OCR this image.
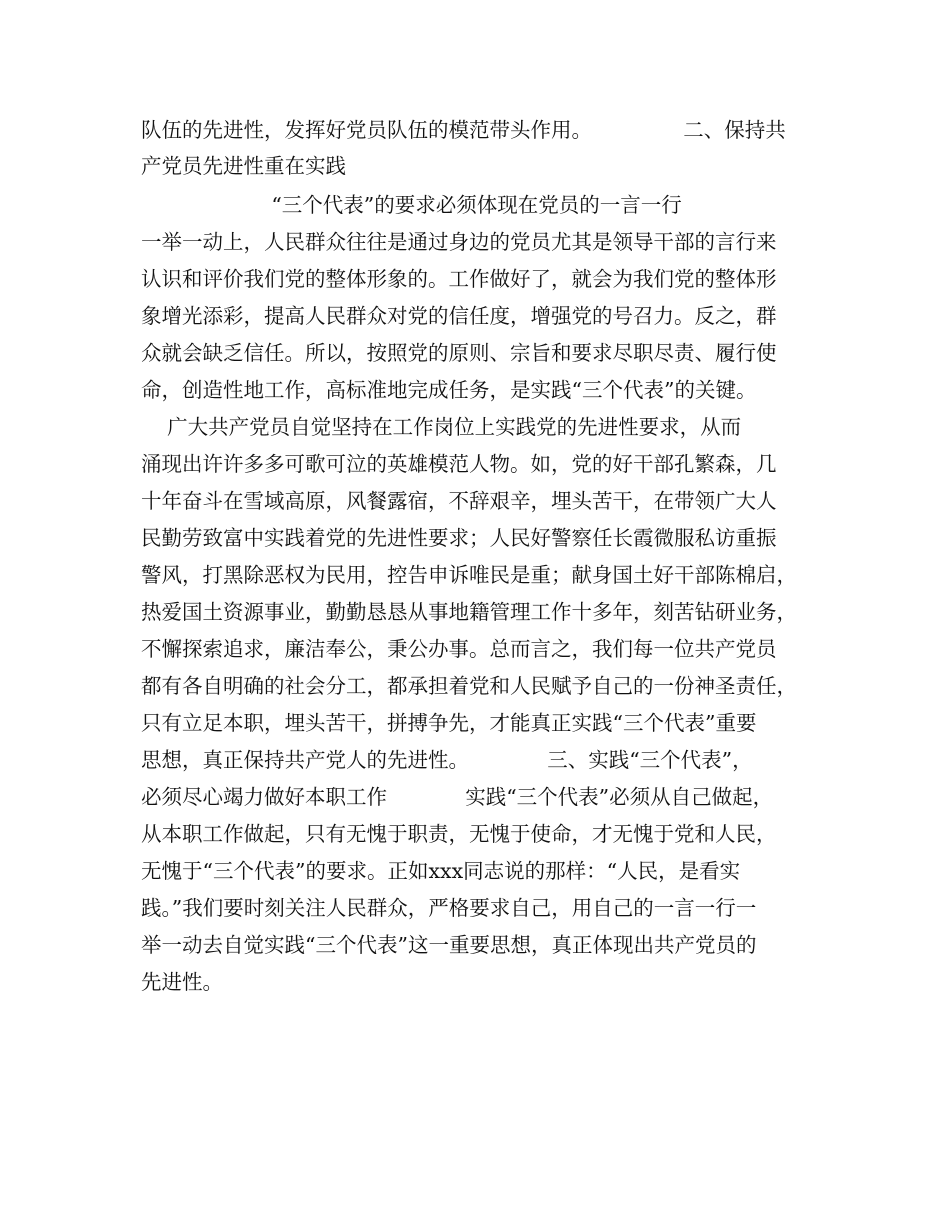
队伍的先进性，发挥好党员队伍的模范带头作用。              二、保持共
产党员先进性重在实践
“三个代表”的要求必须体现在党员的一言一行
一举一动上，人民群众往往是通过身边的党员尤其是领导干部的言行来
认识和评价我们党的整体形象的。工作做好了，就会为我们党的整体形
象增光添彩，提高人民群众对党的信任度，增强党的号召力。反之，群
众就会缺乏信任。所以，按照党的原则、宗旨和要求尽职尽责、履行使
命，创造性地工作，高标准地完成任务，是实践“三个代表”的关键。
广大共产党员自觉坚持在工作岗位上实践党的先进性要求，从而
涌现出许许多多可歌可泣的英雄模范人物。如，党的好干部孔繁森，几
十年奋斗在雪域高原，风餐露宿，不辞艰辛，埋头苦干，在带领广大人
民勤劳致富中实践着党的先进性要求；人民好警察任长霞微服私访重振
警风，打黑除恶权为民用，控告申诉唯民是重；献身国土好干部陈棉启，
热爱国土资源事业，勤勤恳恳从事地籍管理工作十多年，刻苦钻研业务，
不懈探索追求，廉洁奉公，秉公办事。总而言之，我们每一位共产党员
都有各自明确的社会分工，都承担着党和人民赋予自己的一份神圣责任，
只有立足本职，埋头苦干，拼搏争先，才能真正实践“三个代表”重要
思想，真正保持共产党人的先进性。            三、实践“三个代表”，
必须尽心竭力做好本职工作            实践“三个代表”必须从自己做起，
从本职工作做起，只有无愧于职责，无愧于使命，才无愧于党和人民，
无愧于“三个代表”的要求。正如xxx同志说的那样：“人民，是看实
践。”我们要时刻关注人民群众，严格要求自己，用自己的一言一行一
举一动去自觉实践“三个代表”这一重要思想，真正体现出共产党员的
先进性。
